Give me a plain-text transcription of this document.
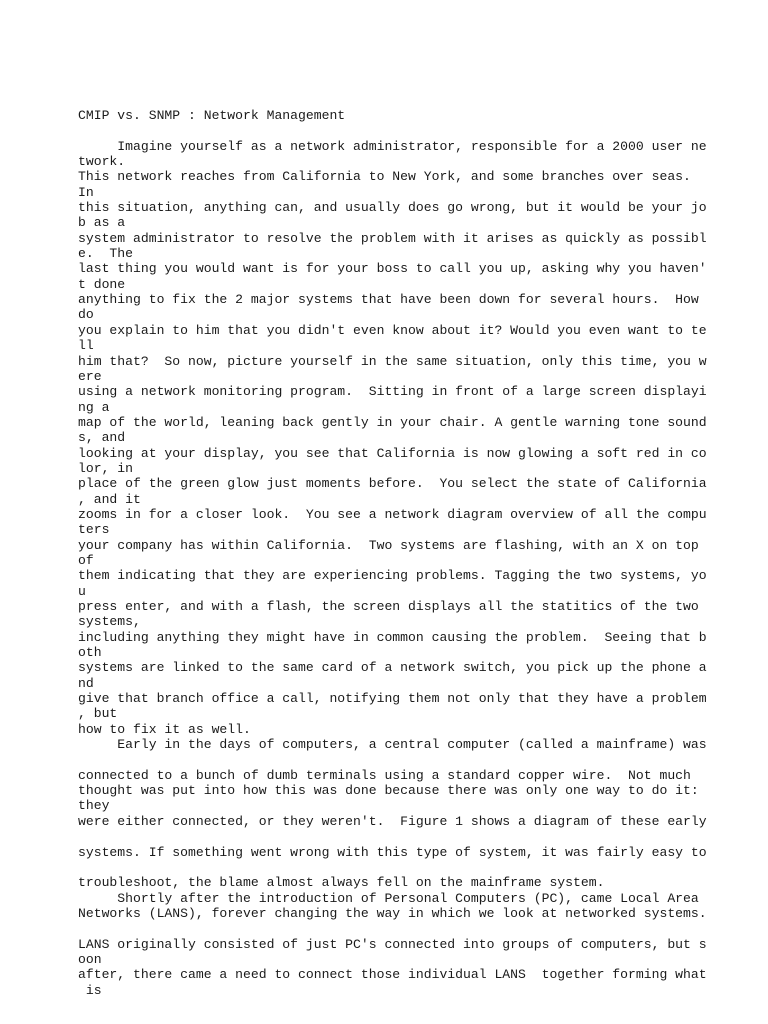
CMIP vs. SNMP : Network Management
Imagine yourself as a network administrator, responsible for a 2000 user ne
twork.
This network reaches from California to New York, and some branches over seas.
In
this situation, anything can, and usually does go wrong, but it would be your jo
b as a
system administrator to resolve the problem with it arises as quickly as possibl
e.  The
last thing you would want is for your boss to call you up, asking why you haven'
t done
anything to fix the 2 major systems that have been down for several hours.  How
do
you explain to him that you didn't even know about it? Would you even want to te
ll
him that?  So now, picture yourself in the same situation, only this time, you w
ere
using a network monitoring program.  Sitting in front of a large screen displayi
ng a
map of the world, leaning back gently in your chair. A gentle warning tone sound
s, and
looking at your display, you see that California is now glowing a soft red in co
lor, in
place of the green glow just moments before.  You select the state of California
, and it
zooms in for a closer look.  You see a network diagram overview of all the compu
ters
your company has within California.  Two systems are flashing, with an X on top
of
them indicating that they are experiencing problems. Tagging the two systems, yo
u
press enter, and with a flash, the screen displays all the statitics of the two
systems,
including anything they might have in common causing the problem.  Seeing that b
oth
systems are linked to the same card of a network switch, you pick up the phone a
nd
give that branch office a call, notifying them not only that they have a problem
, but
how to fix it as well.
Early in the days of computers, a central computer (called a mainframe) was
connected to a bunch of dumb terminals using a standard copper wire.  Not much
thought was put into how this was done because there was only one way to do it:
they
were either connected, or they weren't.  Figure 1 shows a diagram of these early
systems. If something went wrong with this type of system, it was fairly easy to
troubleshoot, the blame almost always fell on the mainframe system.
Shortly after the introduction of Personal Computers (PC), came Local Area
Networks (LANS), forever changing the way in which we look at networked systems.
LANS originally consisted of just PC's connected into groups of computers, but s
oon
after, there came a need to connect those individual LANS  together forming what
is
